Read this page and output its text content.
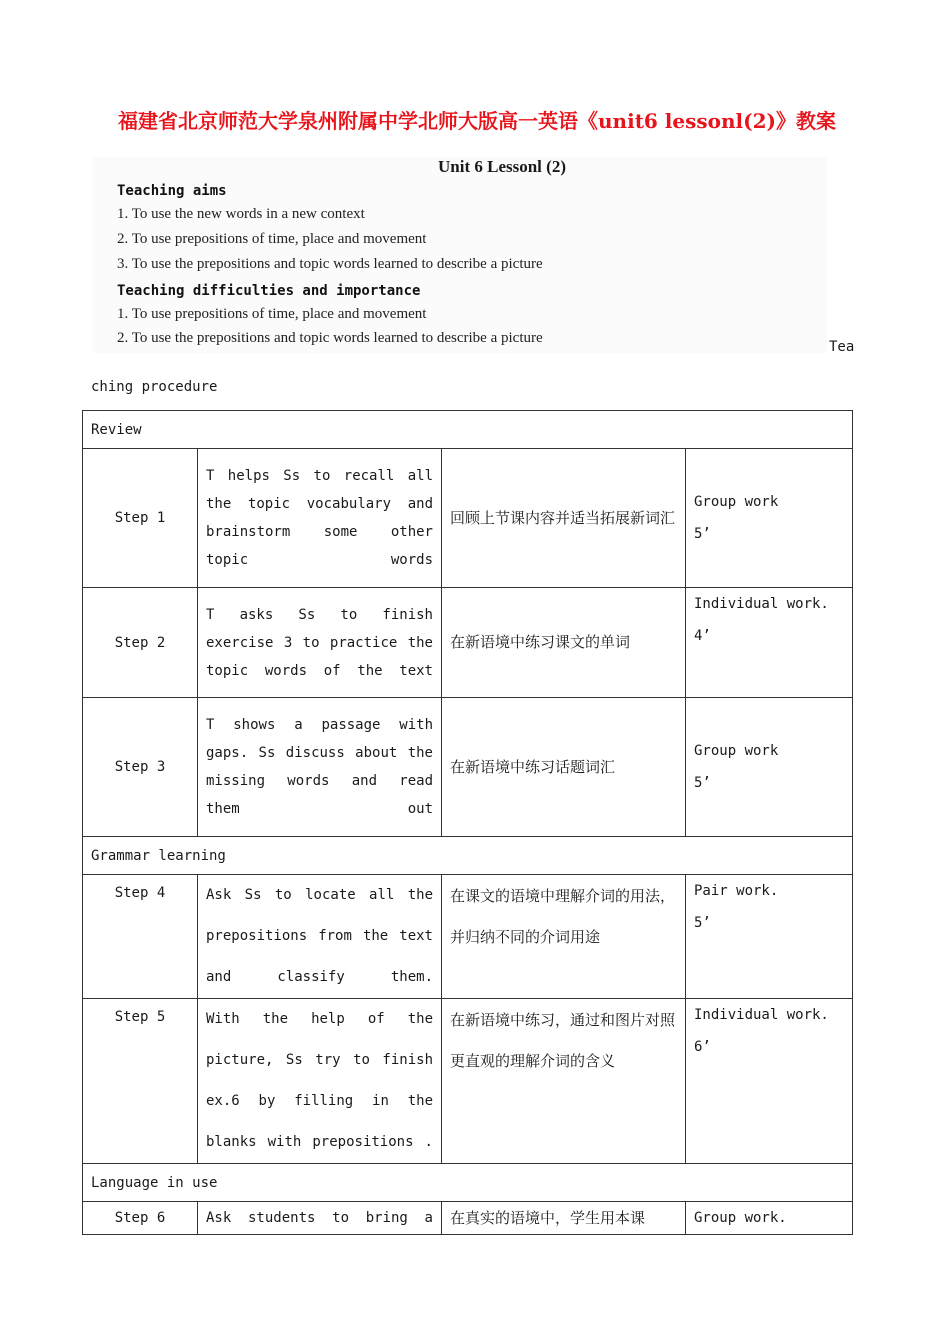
福建省北京师范大学泉州附属中学北师大版高一英语《unit6 lessonl(2)》教案
Unit 6 Lessonl (2)
Teaching aims
1. To use the new words in a new context
2. To use prepositions of time, place and movement
3. To use the prepositions and topic words learned to describe a picture
Teaching difficulties and importance
1. To use prepositions of time, place and movement
2. To use the prepositions and topic words learned to describe a picture
Tea
ching procedure
Review			
Step 1	T helps Ss to recall all the topic vocabulary and brainstorm some other topic words	回顾上节课内容并适当拓展新词汇	Group work
5’

Step 2	T asks Ss to finish exercise 3 to practice the topic words of the text	在新语境中练习课文的单词	Individual work.
4’

Step 3	T shows a passage with gaps. Ss discuss about the missing words and read them out	在新语境中练习话题词汇	Group work
5’

Grammar learning			
Step 4	Ask Ss to locate all the prepositions from the text and classify them.	在课文的语境中理解介词的用法，并归纳不同的介词用途	Pair work.
5’

Step 5	With the help of the picture, Ss try to finish ex.6 by filling in the blanks with prepositions .	在新语境中练习，通过和图片对照更直观的理解介词的含义	Individual work.
6’

Language in use			
Step 6	Ask students to bring a	在真实的语境中，学生用本课	Group work.
